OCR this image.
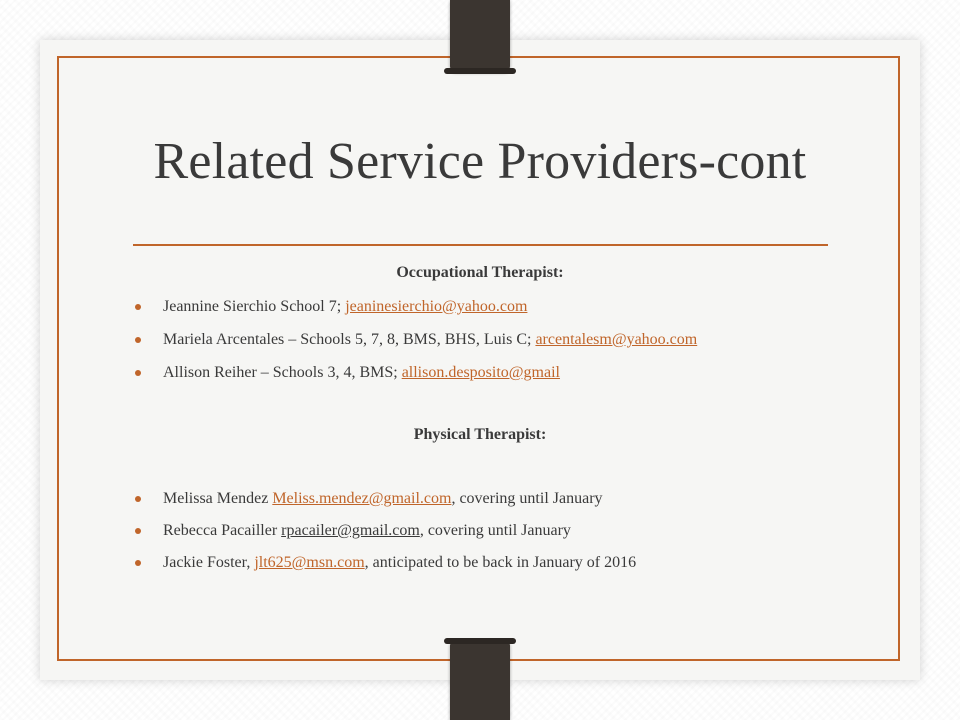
Related Service Providers-cont
Occupational Therapist:
Jeannine Sierchio School 7; jeaninesierchio@yahoo.com
Mariela Arcentales – Schools 5, 7, 8, BMS, BHS, Luis C; arcentalesm@yahoo.com
Allison Reiher – Schools 3, 4, BMS; allison.desposito@gmail
Physical Therapist:
Melissa Mendez Meliss.mendez@gmail.com, covering until January
Rebecca Pacailler rpacailer@gmail.com, covering until January
Jackie Foster, jlt625@msn.com, anticipated to be back in January of 2016
